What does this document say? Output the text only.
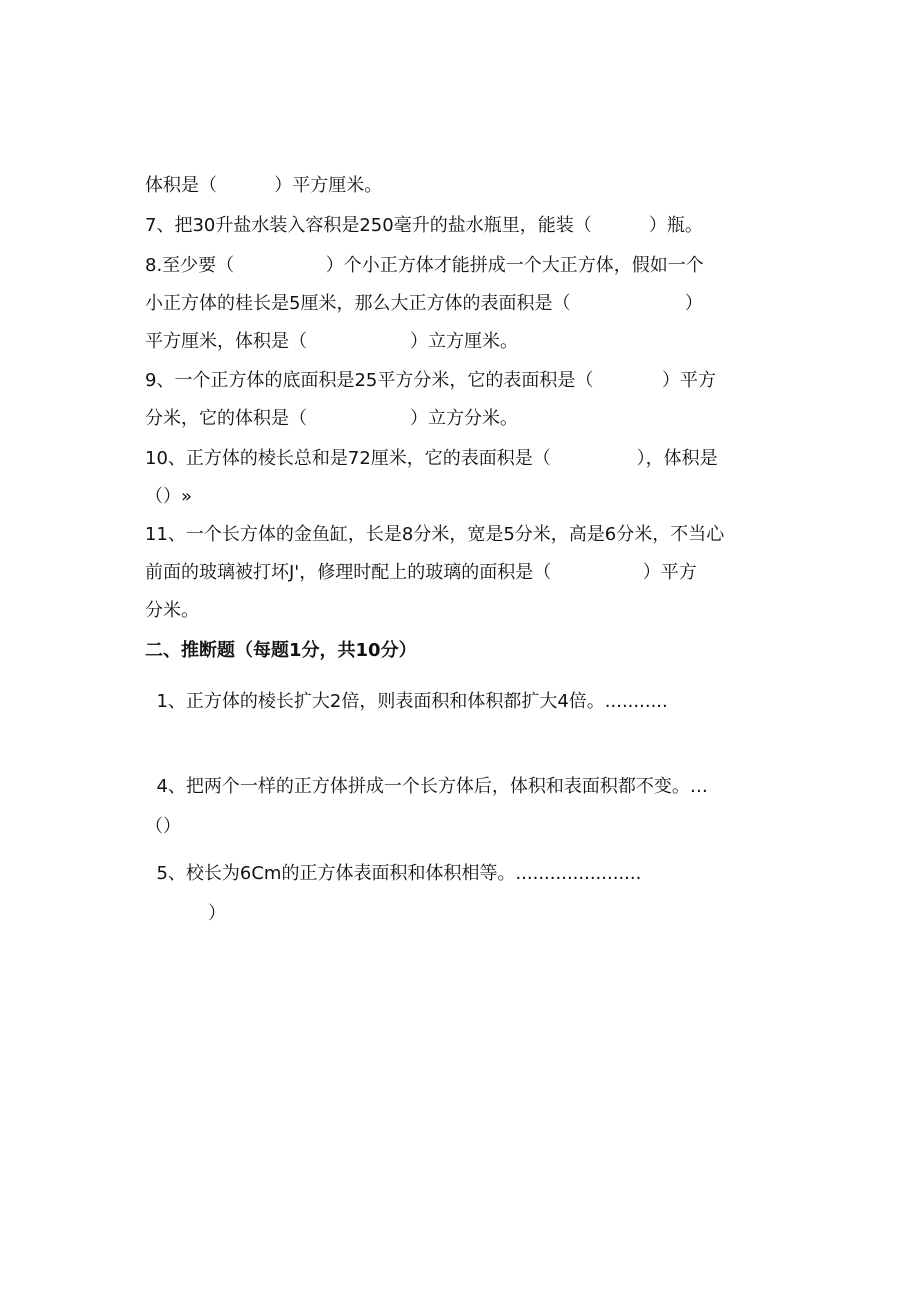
体积是（          ）平方厘米。
7、把30升盐水装入容积是250毫升的盐水瓶里，能装（          ）瓶。
8.至少要（                ）个小正方体才能拼成一个大正方体，假如一个
小正方体的桂长是5厘米，那么大正方体的表面积是（                    ）
平方厘米，体积是（                  ）立方厘米。
9、一个正方体的底面积是25平方分米，它的表面积是（            ）平方
分米，它的体积是（                  ）立方分米。
10、正方体的棱长总和是72厘米，它的表面积是（               ），体积是
（）»
11、一个长方体的金鱼缸，长是8分米，宽是5分米，高是6分米，不当心
前面的玻璃被打坏J'，修理时配上的玻璃的面积是（                ）平方
分米。
二、推断题（每题1分，共10分）
1、正方体的棱长扩大2倍，则表面积和体积都扩大4倍。...........
4、把两个一样的正方体拼成一个长方体后，体积和表面积都不变。…
（）
5、校长为6Cm的正方体表面积和体积相等。......................
）
